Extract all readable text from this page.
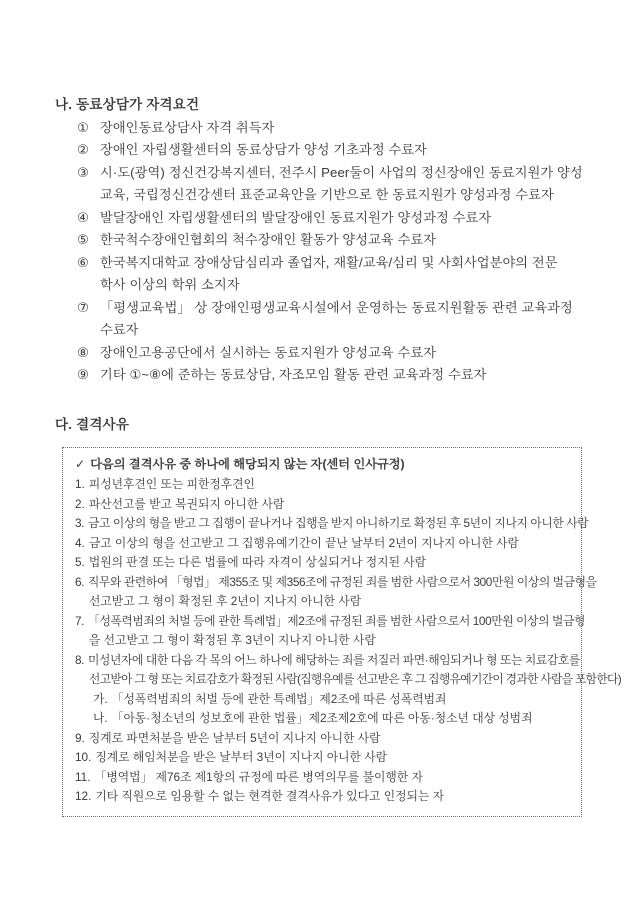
나. 동료상담가 자격요건
① 장애인동료상담사 자격 취득자
② 장애인 자립생활센터의 동료상담가 양성 기초과정 수료자
③ 시·도(광역) 정신건강복지센터, 전주시 Peer둘이 사업의 정신장애인 동료지원가 양성
교육, 국립정신건강센터 표준교육안을 기반으로 한 동료지원가 양성과정 수료자
④ 발달장애인 자립생활센터의 발달장애인 동료지원가 양성과정 수료자
⑤ 한국척수장애인협회의 척수장애인 활동가 양성교육 수료자
⑥ 한국복지대학교 장애상담심리과 졸업자, 재활/교육/심리 및 사회사업분야의 전문
학사 이상의 학위 소지자
⑦ 「평생교육법」 상 장애인평생교육시설에서 운영하는 동료지원활동 관련 교육과정
수료자
⑧ 장애인고용공단에서 실시하는 동료지원가 양성교육 수료자
⑨ 기타 ①~⑧에 준하는 동료상담, 자조모임 활동 관련 교육과정 수료자
다. 결격사유
✓ 다음의 결격사유 중 하나에 해당되지 않는 자(센터 인사규정)
1. 피성년후견인 또는 피한정후견인
2. 파산선고를 받고 복권되지 아니한 사람
3. 금고 이상의 형을 받고 그 집행이 끝나거나 집행을 받지 아니하기로 확정된 후 5년이 지나지 아니한 사람
4. 금고 이상의 형을 선고받고 그 집행유예기간이 끝난 날부터 2년이 지나지 아니한 사람
5. 법원의 판결 또는 다른 법률에 따라 자격이 상실되거나 정지된 사람
6. 직무와 관련하여 「형법」 제355조 및 제356조에 규정된 죄를 범한 사람으로서 300만원 이상의 벌금형을
선고받고 그 형이 확정된 후 2년이 지나지 아니한 사람
7. 「성폭력범죄의 처벌 등에 관한 특례법」제2조에 규정된 죄를 범한 사람으로서 100만원 이상의 벌금형
을 선고받고 그 형이 확정된 후 3년이 지나지 아니한 사람
8. 미성년자에 대한 다음 각 목의 어느 하나에 해당하는 죄를 저질러 파면·해임되거나 형 또는 치료감호를
선고받아 그 형 또는 치료감호가 확정된 사람(집행유예를 선고받은 후 그 집행유예기간이 경과한 사람을 포함한다)
가. 「성폭력범죄의 처벌 등에 관한 특례법」제2조에 따른 성폭력범죄
나. 「아동·청소년의 성보호에 관한 법률」제2조제2호에 따른 아동·청소년 대상 성범죄
9. 징계로 파면처분을 받은 날부터 5년이 지나지 아니한 사람
10. 징계로 해임처분을 받은 날부터 3년이 지나지 아니한 사람
11. 「병역법」 제76조 제1항의 규정에 따른 병역의무를 불이행한 자
12. 기타 직원으로 임용할 수 없는 현격한 결격사유가 있다고 인정되는 자
